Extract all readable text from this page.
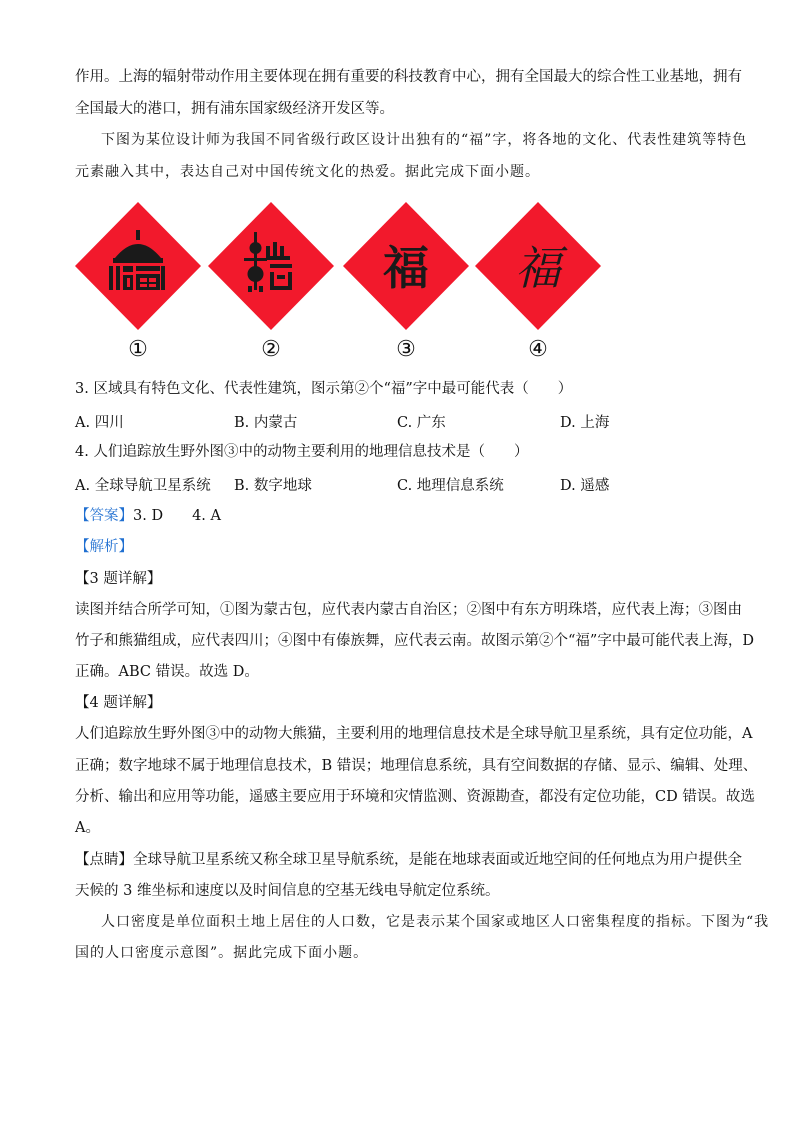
作用。上海的辐射带动作用主要体现在拥有重要的科技教育中心，拥有全国最大的综合性工业基地，拥有
全国最大的港口，拥有浦东国家级经济开发区等。
下图为某位设计师为我国不同省级行政区设计出独有的“福”字，将各地的文化、代表性建筑等特色
元素融入其中，表达自己对中国传统文化的热爱。据此完成下面小题。
福 福
①	②	③	④
3. 区域具有特色文化、代表性建筑，图示第②个“福”字中最可能代表（　　）
A. 四川	B. 内蒙古	C. 广东	D. 上海
4. 人们追踪放生野外图③中的动物主要利用的地理信息技术是（　　）
A. 全球导航卫星系统 B. 数字地球	C. 地理信息系统	D. 遥感
【答案】3. D　　4. A
【解析】
【3 题详解】
读图并结合所学可知，①图为蒙古包，应代表内蒙古自治区；②图中有东方明珠塔，应代表上海；③图由
竹子和熊猫组成，应代表四川；④图中有傣族舞，应代表云南。故图示第②个“福”字中最可能代表上海，D
正确。ABC 错误。故选 D。
【4 题详解】
人们追踪放生野外图③中的动物大熊猫，主要利用的地理信息技术是全球导航卫星系统，具有定位功能，A
正确；数字地球不属于地理信息技术，B 错误；地理信息系统，具有空间数据的存储、显示、编辑、处理、
分析、输出和应用等功能，遥感主要应用于环境和灾情监测、资源勘查，都没有定位功能，CD 错误。故选
A。
【点睛】全球导航卫星系统又称全球卫星导航系统，是能在地球表面或近地空间的任何地点为用户提供全
天候的 3 维坐标和速度以及时间信息的空基无线电导航定位系统。
人口密度是单位面积土地上居住的人口数，它是表示某个国家或地区人口密集程度的指标。下图为“我
国的人口密度示意图”。据此完成下面小题。
